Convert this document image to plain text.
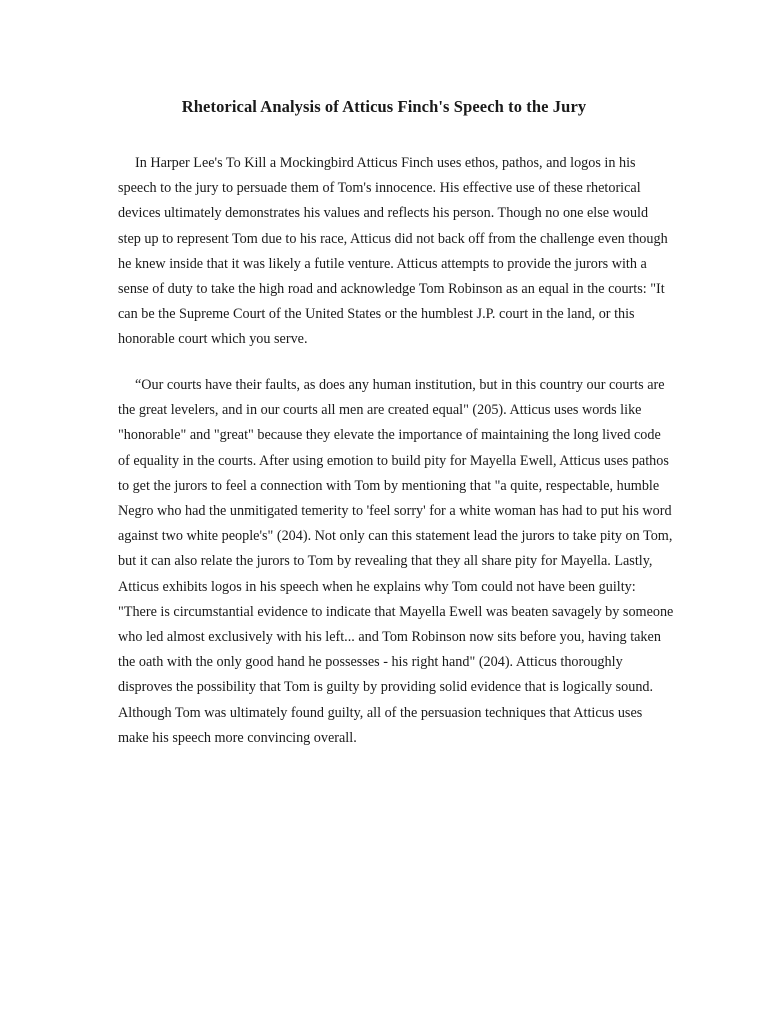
Rhetorical Analysis of Atticus Finch's Speech to the Jury

In Harper Lee's To Kill a Mockingbird Atticus Finch uses ethos, pathos, and logos in his speech to the jury to persuade them of Tom's innocence. His effective use of these rhetorical devices ultimately demonstrates his values and reflects his person. Though no one else would step up to represent Tom due to his race, Atticus did not back off from the challenge even though he knew inside that it was likely a futile venture. Atticus attempts to provide the jurors with a sense of duty to take the high road and acknowledge Tom Robinson as an equal in the courts: "It can be the Supreme Court of the United States or the humblest J.P. court in the land, or this honorable court which you serve.

“Our courts have their faults, as does any human institution, but in this country our courts are the great levelers, and in our courts all men are created equal" (205). Atticus uses words like "honorable" and "great" because they elevate the importance of maintaining the long lived code of equality in the courts. After using emotion to build pity for Mayella Ewell, Atticus uses pathos to get the jurors to feel a connection with Tom by mentioning that "a quite, respectable, humble Negro who had the unmitigated temerity to 'feel sorry' for a white woman has had to put his word against two white people's" (204). Not only can this statement lead the jurors to take pity on Tom, but it can also relate the jurors to Tom by revealing that they all share pity for Mayella. Lastly, Atticus exhibits logos in his speech when he explains why Tom could not have been guilty: "There is circumstantial evidence to indicate that Mayella Ewell was beaten savagely by someone who led almost exclusively with his left... and Tom Robinson now sits before you, having taken the oath with the only good hand he possesses - his right hand" (204). Atticus thoroughly disproves the possibility that Tom is guilty by providing solid evidence that is logically sound. Although Tom was ultimately found guilty, all of the persuasion techniques that Atticus uses make his speech more convincing overall.
